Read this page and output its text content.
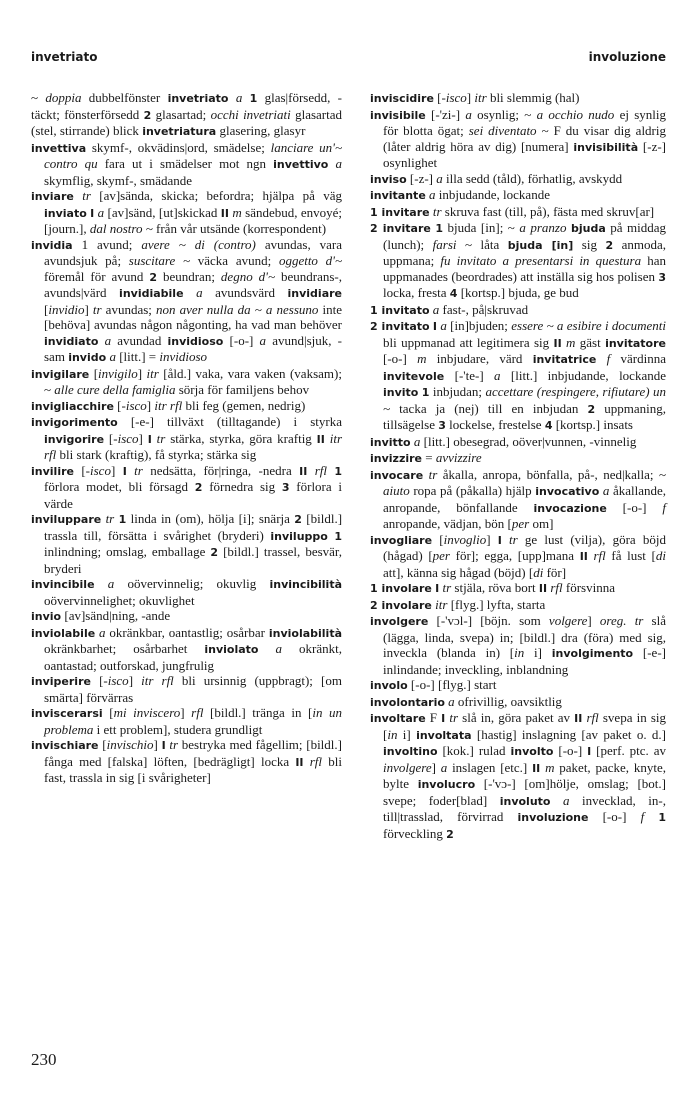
invetriato	involuzione

~ doppia dubbelfönster invetriato a 1 glas|försedd, -täckt; fönsterförsedd 2 glasartad; occhi invetriati glasartad (stel, stirrande) blick invetriatura glasering, glasyr

invettiva skymf-, okvädins|ord, smädelse; lanciare un'~ contro qu fara ut i smädelser mot ngn invettivo a skymflig, skymf-, smädande

inviare tr [av]sända, skicka; befordra; hjälpa på väg inviato I a [av]sänd, [ut]skickad II m sändebud, envoyé; [journ.], dal nostro ~ från vår utsände (korrespondent)

invidia 1 avund; avere ~ di (contro) avundas, vara avundsjuk på; suscitare ~ väcka avund; oggetto d'~ föremål för avund 2 beundran; degno d'~ beundrans-, avunds|värd invidiabile a avundsvärd invidiare [invidio] tr avundas; non aver nulla da ~ a nessuno inte [behöva] avundas någon någonting, ha vad man behöver invidiato a avundad invidioso [-o-] a avund|sjuk, -sam invido a [litt.] = invidioso

invigilare [invigilo] itr [åld.] vaka, vara vaken (vaksam); ~ alle cure della famiglia sörja för familjens behov

invigliacchire [-isco] itr rfl bli feg (gemen, nedrig)

invigorimento [-e-] tillväxt (tilltagande) i styrka invigorire [-isco] I tr stärka, styrka, göra kraftig II itr rfl bli stark (kraftig), få styrka; stärka sig

invilire [-isco] I tr nedsätta, för|ringa, -nedra II rfl 1 förlora modet, bli försagd 2 förnedra sig 3 förlora i värde

inviluppare tr 1 linda in (om), hölja [i]; snärja 2 [bildl.] trassla till, försätta i svårighet (bryderi) inviluppo 1 inlindning; omslag, emballage 2 [bildl.] trassel, besvär, bryderi

invincibile a oövervinnelig; okuvlig invincibilità oövervinnelighet; okuvlighet

invio [av]sänd|ning, -ande

inviolabile a okränkbar, oantastlig; osårbar inviolabilità okränkbarhet; osårbarhet inviolato a okränkt, oantastad; outforskad, jungfrulig

inviperire [-isco] itr rfl bli ursinnig (uppbragt); [om smärta] förvärras

inviscerarsi [mi inviscero] rfl [bildl.] tränga in [in un problema i ett problem], studera grundligt

invischiare [invischio] I tr bestryka med fågellim; [bildl.] fånga med [falska] löften, [bedrägligt] locka II rfl bli fast, trassla in sig [i svårigheter]

inviscidire [-isco] itr bli slemmig (hal)

invisibile [-'zi-] a osynlig; ~ a occhio nudo ej synlig för blotta ögat; sei diventato ~ F du visar dig aldrig (låter aldrig höra av dig) [numera] invisibilità [-z-] osynlighet

inviso [-z-] a illa sedd (tåld), förhatlig, avskydd

invitante a inbjudande, lockande

1 invitare tr skruva fast (till, på), fästa med skruv[ar]

2 invitare 1 bjuda [in]; ~ a pranzo bjuda på middag (lunch); farsi ~ låta bjuda [in] sig 2 anmoda, uppmana; fu invitato a presentarsi in questura han uppmanades (beordrades) att inställa sig hos polisen 3 locka, fresta 4 [kortsp.] bjuda, ge bud

1 invitato a fast-, på|skruvad

2 invitato I a [in]bjuden; essere ~ a esibire i documenti bli uppmanad att legitimera sig II m gäst invitatore [-o-] m inbjudare, värd invitatrice f värdinna invitevole [-'te-] a [litt.] inbjudande, lockande invito 1 inbjudan; accettare (respingere, rifiutare) un ~ tacka ja (nej) till en inbjudan 2 uppmaning, tillsägelse 3 lockelse, frestelse 4 [kortsp.] insats

invitto a [litt.] obesegrad, oöver|vunnen, -vinnelig

invizzire = avvizzire

invocare tr åkalla, anropa, bönfalla, på-, ned|kalla; ~ aiuto ropa på (påkalla) hjälp invocativo a åkallande, anropande, bönfallande invocazione [-o-] f anropande, vädjan, bön [per om]

invogliare [invoglio] I tr ge lust (vilja), göra böjd (hågad) [per för]; egga, [upp]mana II rfl få lust [di att], känna sig hågad (böjd) [di för]

1 involare I tr stjäla, röva bort II rfl försvinna

2 involare itr [flyg.] lyfta, starta

involgere [-'vɔl-] [böjn. som volgere] oreg. tr slå (lägga, linda, svepa) in; [bildl.] dra (föra) med sig, inveckla (blanda in) [in i] involgimento [-e-] inlindande; inveckling, inblandning

involo [-o-] [flyg.] start

involontario a ofrivillig, oavsiktlig

involtare F I tr slå in, göra paket av II rfl svepa in sig [in i] involtata [hastig] inslagning [av paket o. d.] involtino [kok.] rulad involto [-o-] I [perf. ptc. av involgere] a inslagen [etc.] II m paket, packe, knyte, bylte involucro [-'vɔ-] [om]hölje, omslag; [bot.] svepe; foder[blad] involuto a invecklad, in-, till|trasslad, förvirrad involuzione [-o-] f 1 förveckling 2

230
